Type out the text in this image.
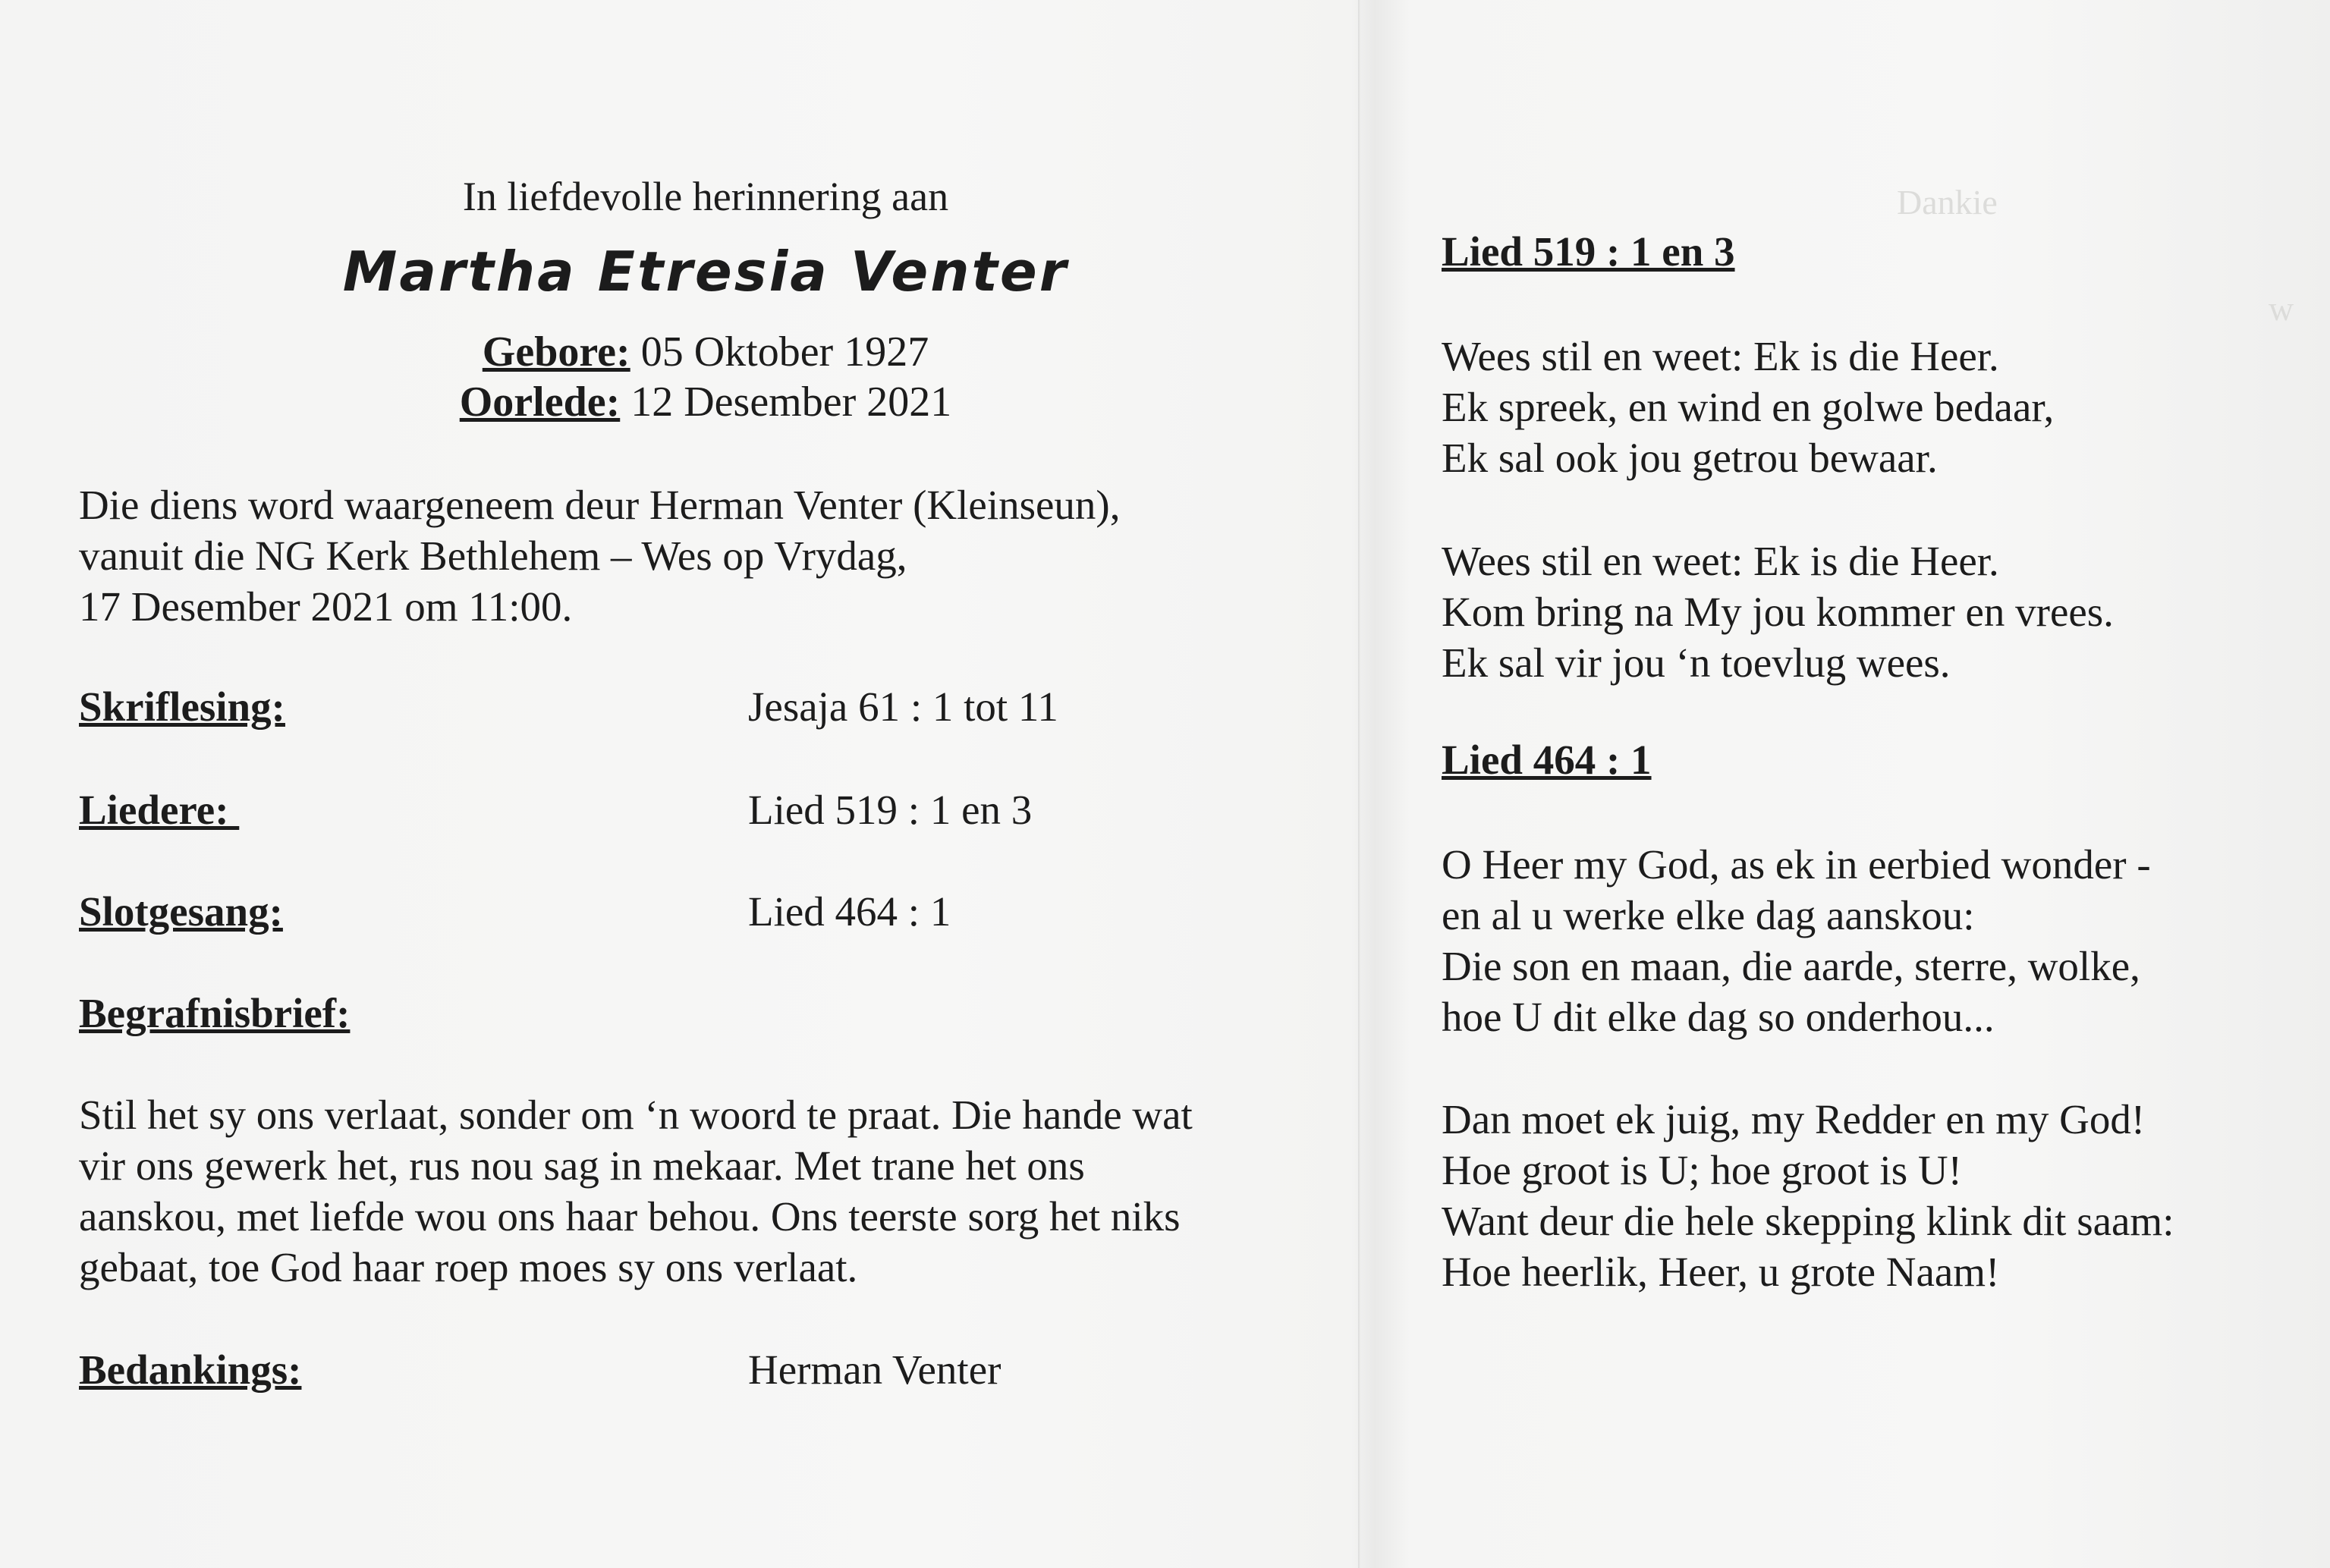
Dankie
w
In liefdevolle herinnering aan
Martha Etresia Venter
Gebore: 05 Oktober 1927
Oorlede: 12 Desember 2021
Die diens word waargeneem deur Herman Venter (Kleinseun),
vanuit die NG Kerk Bethlehem – Wes op Vrydag,
17 Desember 2021 om 11:00.
Skriflesing:	Jesaja 61 : 1 tot 11
Liedere:	Lied 519 : 1 en 3
Slotgesang:	Lied 464 : 1
Begrafnisbrief:
Stil het sy ons verlaat, sonder om ‘n woord te praat. Die hande wat
vir ons gewerk het, rus nou sag in mekaar. Met trane het ons
aanskou, met liefde wou ons haar behou. Ons teerste sorg het niks
gebaat, toe God haar roep moes sy ons verlaat.
Bedankings:	Herman Venter
Lied 519 : 1 en 3
Wees stil en weet: Ek is die Heer.
Ek spreek, en wind en golwe bedaar,
Ek sal ook jou getrou bewaar.
Wees stil en weet: Ek is die Heer.
Kom bring na My jou kommer en vrees.
Ek sal vir jou ‘n toevlug wees.
Lied 464 : 1
O Heer my God, as ek in eerbied wonder -
en al u werke elke dag aanskou:
Die son en maan, die aarde, sterre, wolke,
hoe U dit elke dag so onderhou...
Dan moet ek juig, my Redder en my God!
Hoe groot is U; hoe groot is U!
Want deur die hele skepping klink dit saam:
Hoe heerlik, Heer, u grote Naam!
